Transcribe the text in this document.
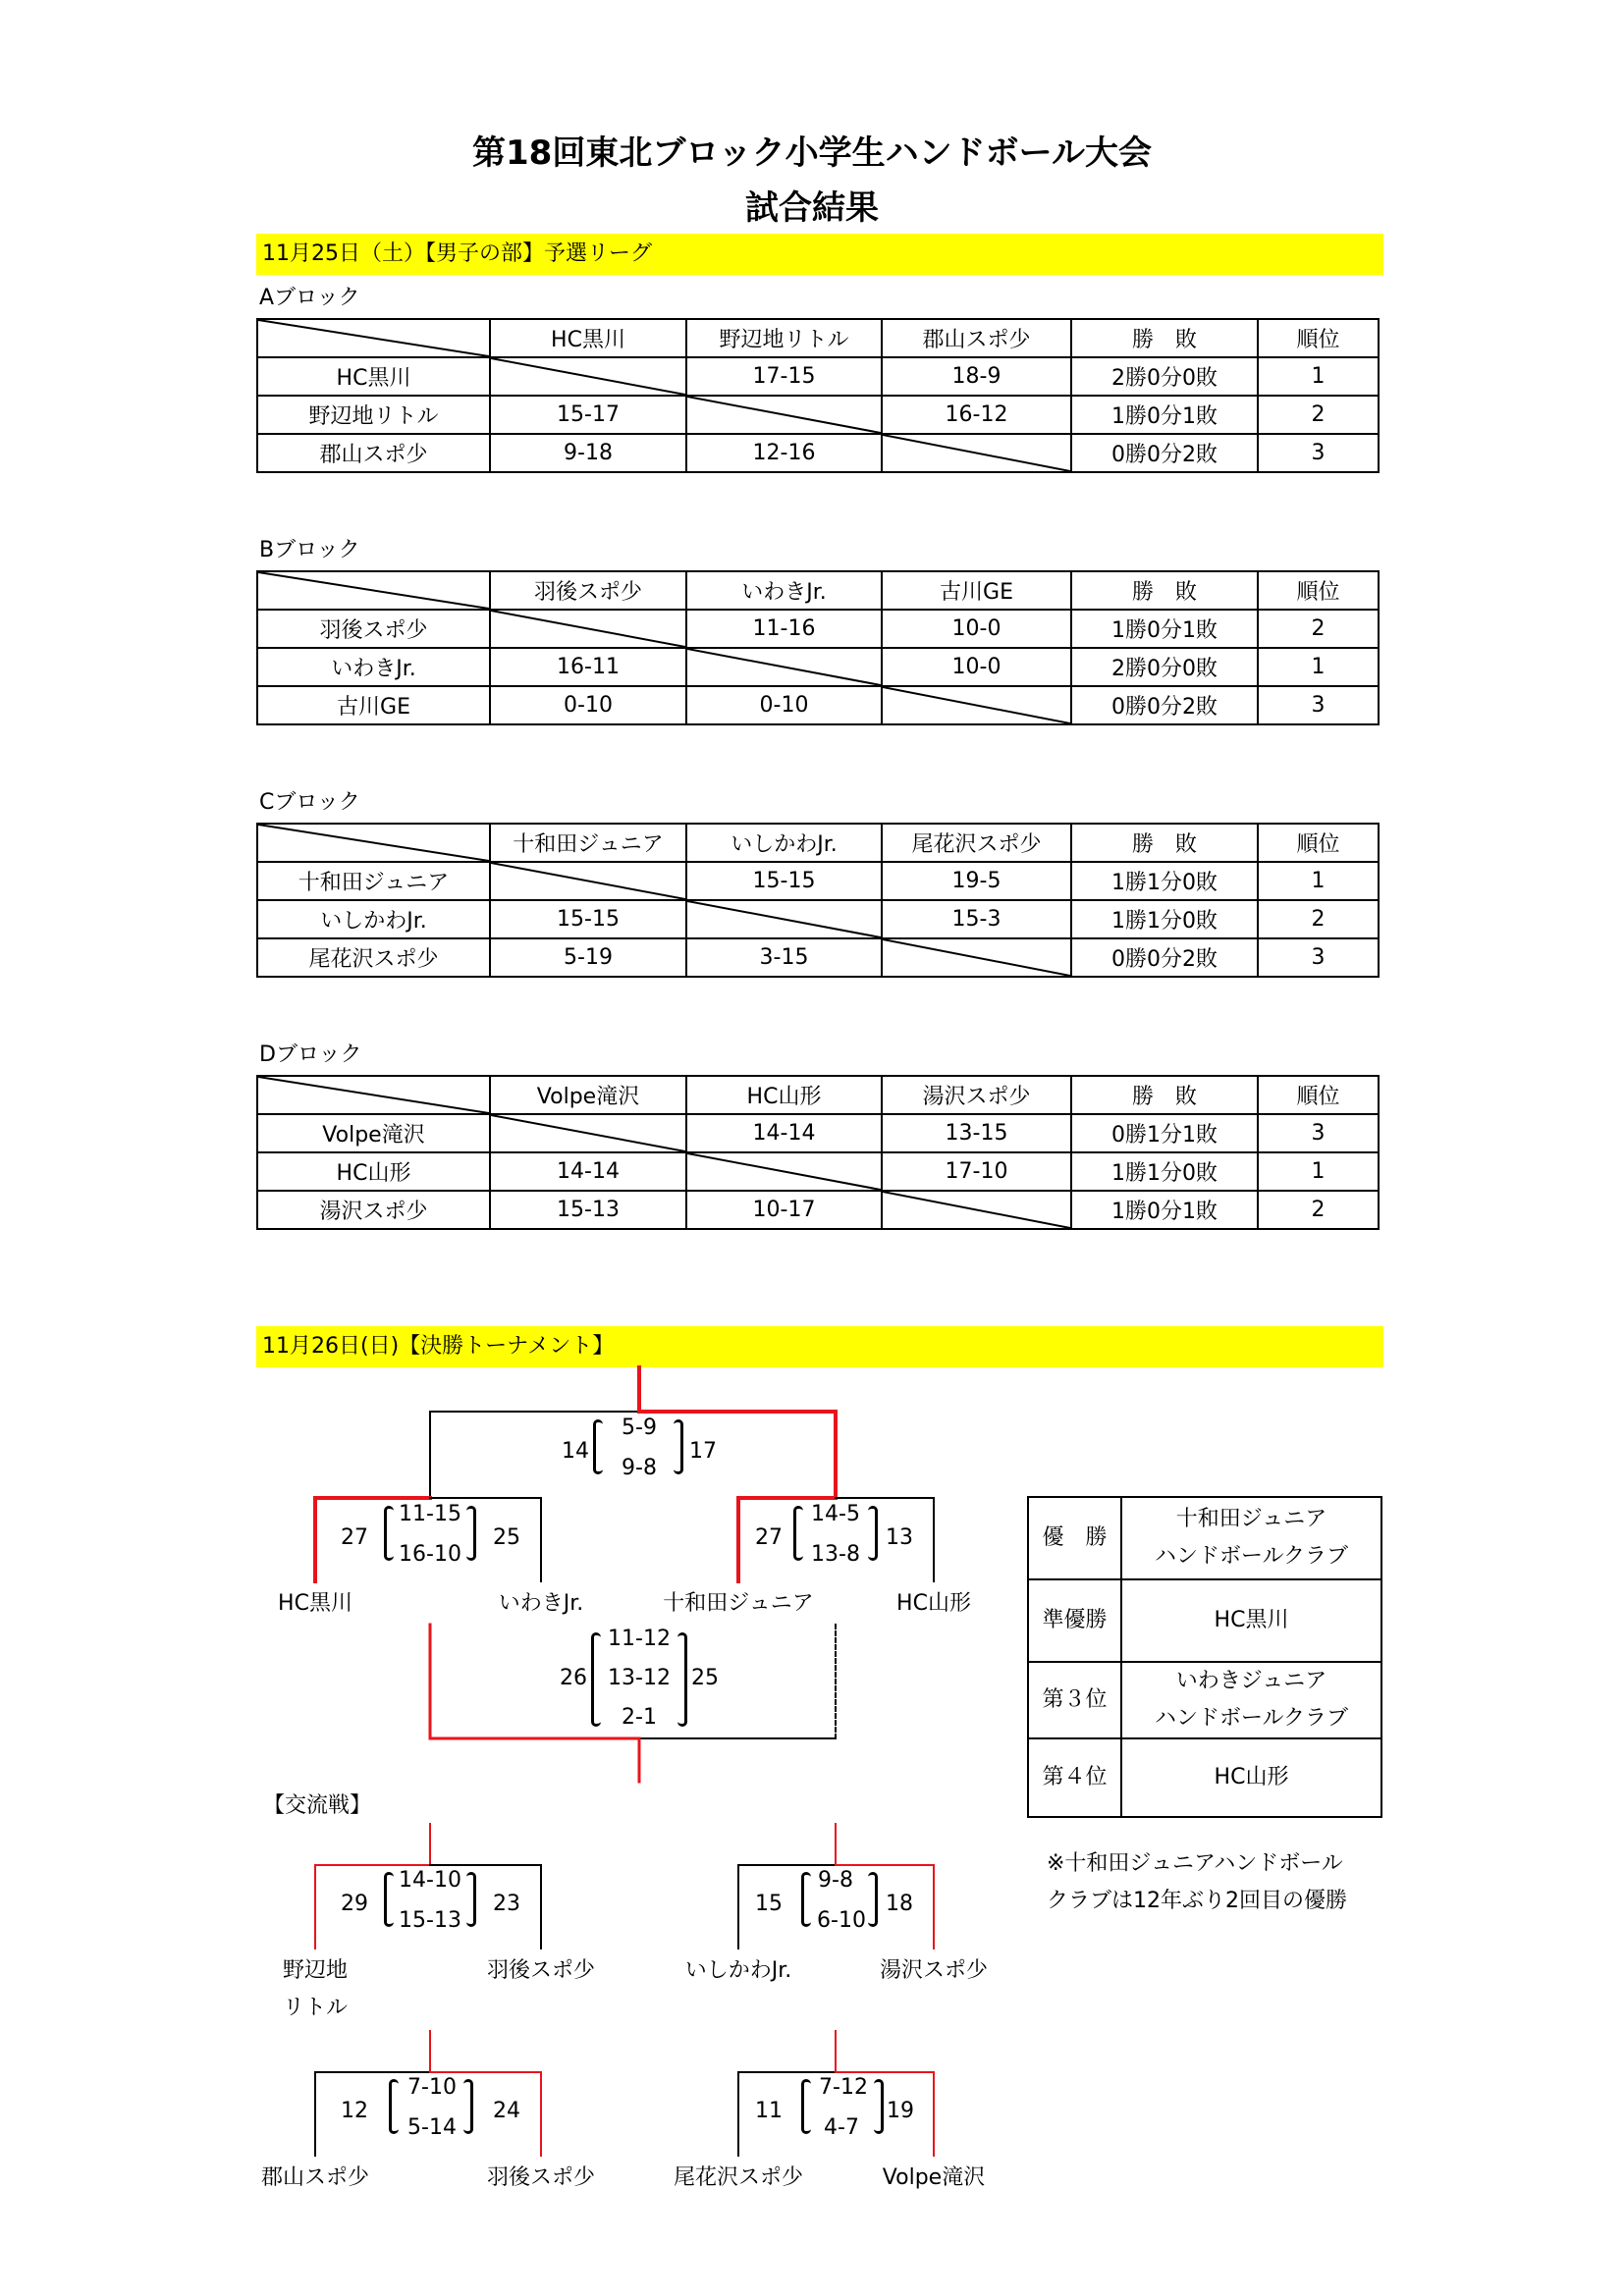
第18回東北ブロック小学生ハンドボール大会
試合結果
11月25日（土）【男子の部】予選リーグ
Aブロック
	HC黒川	野辺地リトル	郡山スポ少	勝　敗	順位
HC黒川		17-15	18-9	2勝0分0敗	1
野辺地リトル	15-17		16-12	1勝0分1敗	2
郡山スポ少	9-18	12-16		0勝0分2敗	3
Bブロック
	羽後スポ少	いわきJr.	古川GE	勝　敗	順位
羽後スポ少		11-16	10-0	1勝0分1敗	2
いわきJr.	16-11		10-0	2勝0分0敗	1
古川GE	0-10	0-10		0勝0分2敗	3
Cブロック
	十和田ジュニア	いしかわJr.	尾花沢スポ少	勝　敗	順位
十和田ジュニア		15-15	19-5	1勝1分0敗	1
いしかわJr.	15-15		15-3	1勝1分0敗	2
尾花沢スポ少	5-19	3-15		0勝0分2敗	3
Dブロック
	Volpe滝沢	HC山形	湯沢スポ少	勝　敗	順位
Volpe滝沢		14-14	13-15	0勝1分1敗	3
HC山形	14-14		17-10	1勝1分0敗	1
湯沢スポ少	15-13	10-17		1勝0分1敗	2
11月26日(日)【決勝トーナメント】
14
5-9
9-8
17
27
11-15
16-10
25
HC黒川	いわきJr.
27
14-5
13-8
13
十和田ジュニア	HC山形
26
11-12
13-12
2-1
25
【交流戦】
29
14-10
15-13
23
野辺地
リトル
羽後スポ少
15
9-8
6-10
18
いしかわJr.	湯沢スポ少
12
7-10
5-14
24
郡山スポ少	羽後スポ少
11
7-12
4-7
19
尾花沢スポ少	Volpe滝沢
優　勝	十和田ジュニア
ハンドボールクラブ

準優勝	HC黒川

第３位	いわきジュニア
ハンドボールクラブ

第４位	HC山形
※十和田ジュニアハンドボール
クラブは12年ぶり2回目の優勝
